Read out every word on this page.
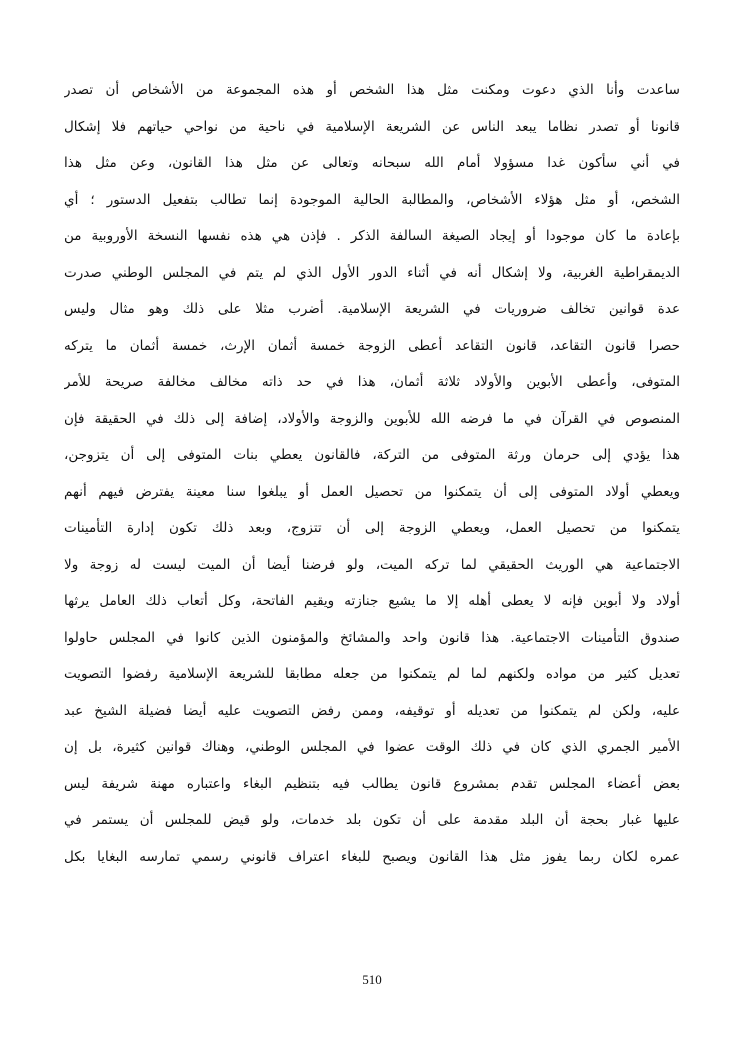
ساعدت وأنا الذي دعوت ومكنت مثل هذا الشخص أو هذه المجموعة من الأشخاص أن تصدر
قانونا أو تصدر نظاما يبعد الناس عن الشريعة الإسلامية في ناحية من نواحي حياتهم فلا إشكال
في أني سأكون غدا مسؤولا أمام الله سبحانه وتعالى عن مثل هذا القانون، وعن مثل هذا
الشخص، أو مثل هؤلاء الأشخاص، والمطالبة الحالية الموجودة إنما تطالب بتفعيل الدستور ؛ أي
بإعادة ما كان موجودا أو إيجاد الصيغة السالفة الذكر . فإذن هي هذه نفسها النسخة الأوروبية من
الديمقراطية الغربية، ولا إشكال أنه في أثناء الدور الأول الذي لم يتم في المجلس الوطني صدرت
عدة قوانين تخالف ضروريات في الشريعة الإسلامية. أضرب مثلا على ذلك وهو مثال وليس
حصرا قانون التقاعد، قانون التقاعد أعطى الزوجة خمسة أثمان الإرث، خمسة أثمان ما يتركه
المتوفى، وأعطى الأبوين والأولاد ثلاثة أثمان، هذا في حد ذاته مخالف مخالفة صريحة للأمر
المنصوص في القرآن في ما فرضه الله للأبوين والزوجة والأولاد، إضافة إلى ذلك في الحقيقة فإن
هذا يؤدي إلى حرمان ورثة المتوفى من التركة، فالقانون يعطي بنات المتوفى إلى أن يتزوجن،
ويعطي أولاد المتوفى إلى أن يتمكنوا من تحصيل العمل أو يبلغوا سنا معينة يفترض فيهم أنهم
يتمكنوا من تحصيل العمل، ويعطي الزوجة إلى أن تتزوج، وبعد ذلك تكون إدارة التأمينات
الاجتماعية هي الوريث الحقيقي لما تركه الميت، ولو فرضنا أيضا أن الميت ليست له زوجة ولا
أولاد ولا أبوين فإنه لا يعطى أهله إلا ما يشيع جنازته ويقيم الفاتحة، وكل أتعاب ذلك العامل يرثها
صندوق التأمينات الاجتماعية. هذا قانون واحد والمشائخ والمؤمنون الذين كانوا في المجلس حاولوا
تعديل كثير من مواده ولكنهم لما لم يتمكنوا من جعله مطابقا للشريعة الإسلامية رفضوا التصويت
عليه، ولكن لم يتمكنوا من تعديله أو توقيفه، وممن رفض التصويت عليه أيضا فضيلة الشيخ عبد
الأمير الجمري الذي كان في ذلك الوقت عضوا في المجلس الوطني، وهناك قوانين كثيرة، بل إن
بعض أعضاء المجلس تقدم بمشروع قانون يطالب فيه بتنظيم البغاء واعتباره مهنة شريفة ليس
عليها غبار بحجة أن البلد مقدمة على أن تكون بلد خدمات، ولو قيض للمجلس أن يستمر في
عمره لكان ربما يفوز مثل هذا القانون ويصبح للبغاء اعتراف قانوني رسمي تمارسه البغايا بكل
510
